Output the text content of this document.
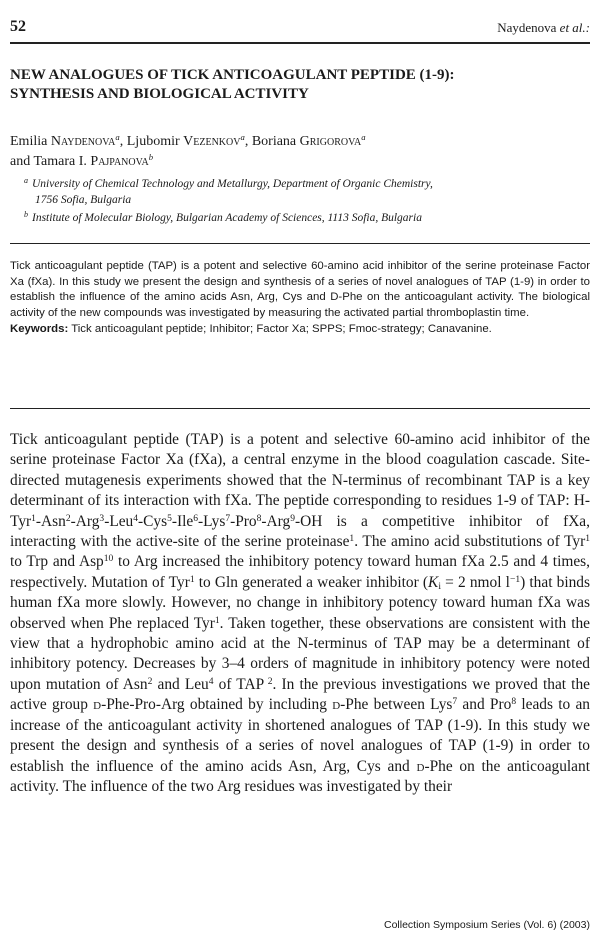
52	Naydenova et al.:
NEW ANALOGUES OF TICK ANTICOAGULANT PEPTIDE (1-9):
SYNTHESIS AND BIOLOGICAL ACTIVITY
Emilia Naydenova$^a$, Ljubomir Vezenkov$^a$, Boriana Grigorova$^a$
and Tamara I. Pajpanova$^b$
$^a$ University of Chemical Technology and Metallurgy, Department of Organic Chemistry,
1756 Sofia, Bulgaria
$^b$ Institute of Molecular Biology, Bulgarian Academy of Sciences, 1113 Sofia, Bulgaria

Tick anticoagulant peptide (TAP) is a potent and selective 60-amino acid inhibitor of the serine proteinase Factor Xa (fXa). In this study we present the design and synthesis of a series of novel analogues of TAP (1-9) in order to establish the influence of the amino acids Asn, Arg, Cys and D-Phe on the anticoagulant activity. The biological activity of the new compounds was investigated by measuring the activated partial thromboplastin time.
Keywords: Tick anticoagulant peptide; Inhibitor; Factor Xa; SPPS; Fmoc-strategy; Canavanine.

Tick anticoagulant peptide (TAP) is a potent and selective 60-amino acid inhibitor of the serine proteinase Factor Xa (fXa), a central enzyme in the blood coagulation cascade. Site-directed mutagenesis experiments showed that the N-terminus of recombinant TAP is a key determinant of its interaction with fXa. The peptide corresponding to residues 1-9 of TAP: H-Tyr$^1$-Asn$^2$-Arg$^3$-Leu$^4$-Cys$^5$-Ile$^6$-Lys$^7$-Pro$^8$-Arg$^9$-OH is a competitive inhibitor of fXa, interacting with the active-site of the serine proteinase$^1$. The amino acid substitutions of Tyr$^1$ to Trp and Asp$^{10}$ to Arg increased the inhibitory potency toward human fXa 2.5 and 4 times, respectively. Mutation of Tyr$^1$ to Gln generated a weaker inhibitor ($K_i = 2$ nmol $l^{-1}$) that binds human fXa more slowly. However, no change in inhibitory potency toward human fXa was observed when Phe replaced Tyr$^1$. Taken together, these observations are consistent with the view that a hydrophobic amino acid at the N-terminus of TAP may be a determinant of inhibitory potency. Decreases by 3–4 orders of magnitude in inhibitory potency were noted upon mutation of Asn$^2$ and Leu$^4$ of TAP $^2$. In the previous investigations we proved that the active group d-Phe-Pro-Arg obtained by including d-Phe between Lys$^7$ and Pro$^8$ leads to an increase of the anticoagulant activity in shortened analogues of TAP (1-9). In this study we present the design and synthesis of a series of novel analogues of TAP (1-9) in order to establish the influence of the amino acids Asn, Arg, Cys and d-Phe on the anticoagulant activity. The influence of the two Arg residues was investigated by their

Collection Symposium Series (Vol. 6) (2003)
